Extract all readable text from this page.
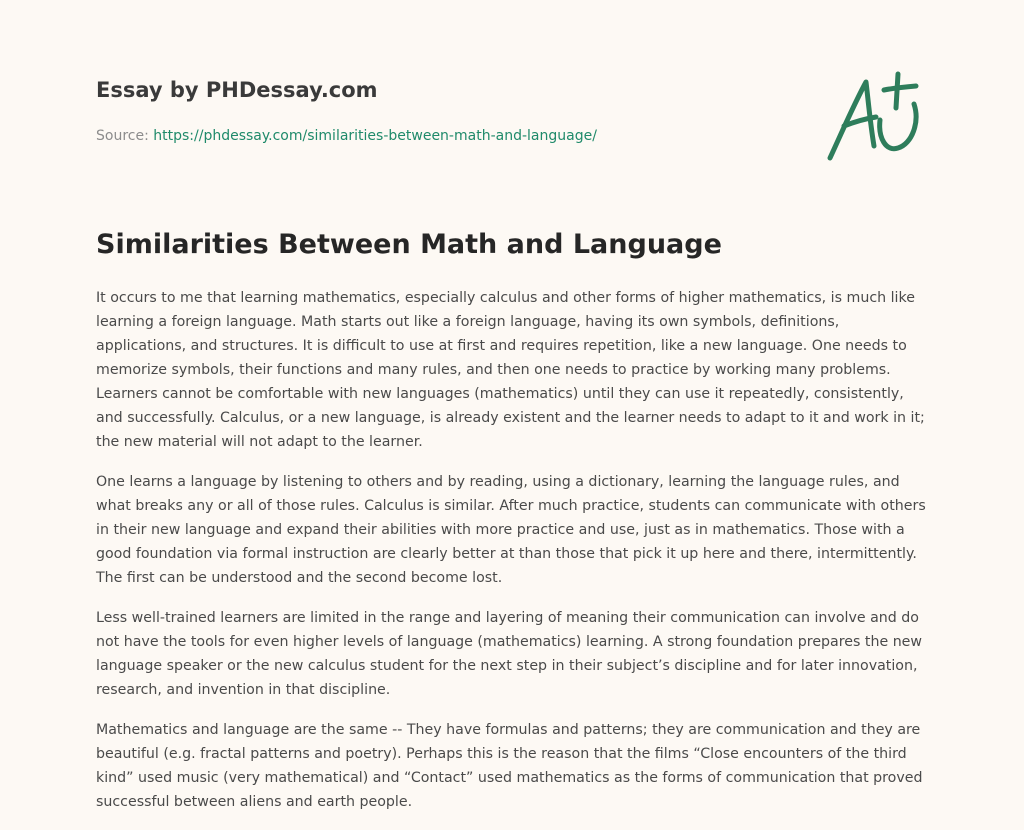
Essay by PHDessay.com
Source: https://phdessay.com/similarities-between-math-and-language/
Similarities Between Math and Language

It occurs to me that learning mathematics, especially calculus and other forms of higher mathematics, is much like learning a foreign language. Math starts out like a foreign language, having its own symbols, definitions, applications, and structures. It is difficult to use at first and requires repetition, like a new language. One needs to memorize symbols, their functions and many rules, and then one needs to practice by working many problems. Learners cannot be comfortable with new languages (mathematics) until they can use it repeatedly, consistently, and successfully. Calculus, or a new language, is already existent and the learner needs to adapt to it and work in it; the new material will not adapt to the learner.

One learns a language by listening to others and by reading, using a dictionary, learning the language rules, and what breaks any or all of those rules. Calculus is similar. After much practice, students can communicate with others in their new language and expand their abilities with more practice and use, just as in mathematics. Those with a good foundation via formal instruction are clearly better at than those that pick it up here and there, intermittently. The first can be understood and the second become lost.

Less well-trained learners are limited in the range and layering of meaning their communication can involve and do not have the tools for even higher levels of language (mathematics) learning. A strong foundation prepares the new language speaker or the new calculus student for the next step in their subject’s discipline and for later innovation, research, and invention in that discipline.

Mathematics and language are the same -- They have formulas and patterns; they are communication and they are beautiful (e.g. fractal patterns and poetry). Perhaps this is the reason that the films “Close encounters of the third kind” used music (very mathematical) and “Contact” used mathematics as the forms of communication that proved successful between aliens and earth people.
